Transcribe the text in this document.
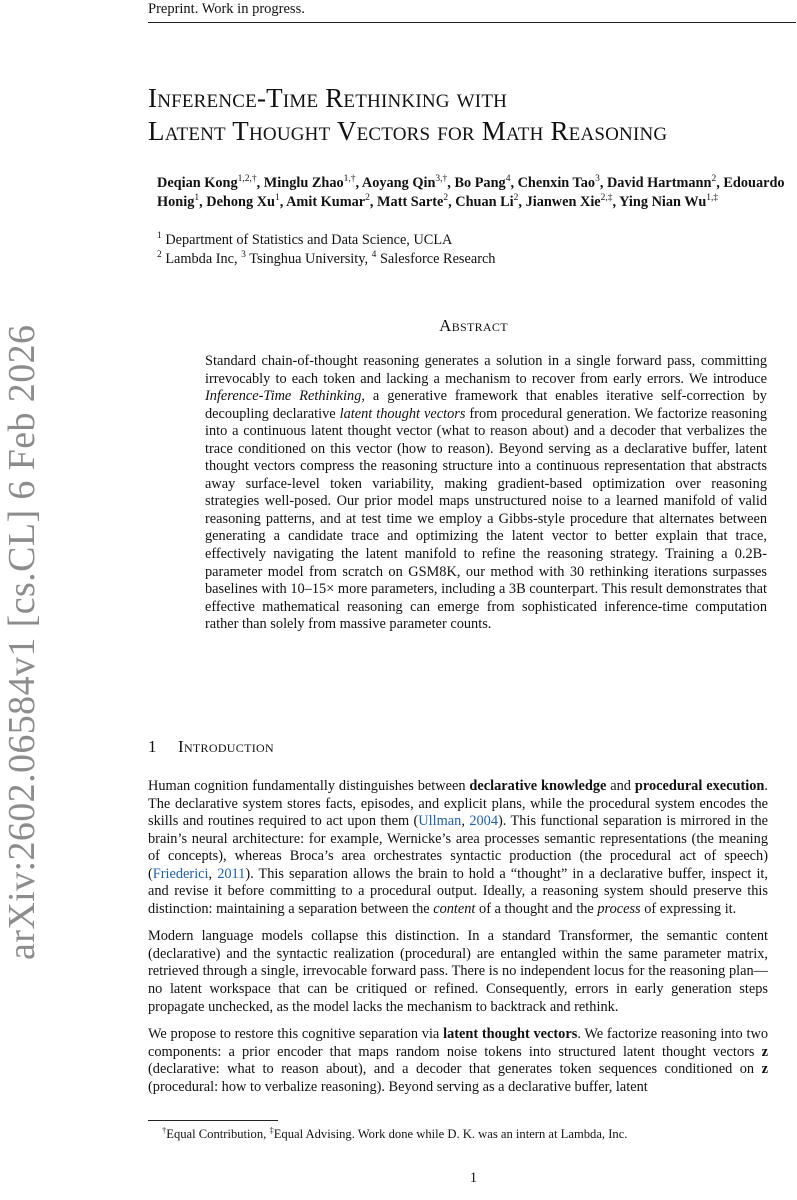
Preprint. Work in progress.
arXiv:2602.06584v1 [cs.CL] 6 Feb 2026
Inference-Time Rethinking with
Latent Thought Vectors for Math Reasoning
Deqian Kong$^{1,2,\dagger}$, Minglu Zhao$^{1,\dagger}$, Aoyang Qin$^{3,\dagger}$, Bo Pang$^4$, Chenxin Tao$^3$, David Hartmann$^2$, Edouardo Honig$^1$, Dehong Xu$^1$, Amit Kumar$^2$, Matt Sarte$^2$, Chuan Li$^2$, Jianwen Xie$^{2,\ddagger}$, Ying Nian $Wu^{1,\ddagger}$
$^1$ Department of Statistics and Data Science, UCLA
$^2$ Lambda Inc, $^3$ Tsinghua University, $^4$ Salesforce Research
Abstract

Standard chain-of-thought reasoning generates a solution in a single forward pass, committing irrevocably to each token and lacking a mechanism to recover from early errors. We introduce Inference-Time Rethinking, a generative framework that enables iterative self-correction by decoupling declarative latent thought vectors from procedural generation. We factorize reasoning into a continuous latent thought vector (what to reason about) and a decoder that verbalizes the trace conditioned on this vector (how to reason). Beyond serving as a declarative buffer, latent thought vectors compress the reasoning structure into a continuous representation that abstracts away surface-level token variability, making gradient-based optimization over reasoning strategies well-posed. Our prior model maps unstructured noise to a learned manifold of valid reasoning patterns, and at test time we employ a Gibbs-style procedure that alternates between generating a candidate trace and optimizing the latent vector to better explain that trace, effectively navigating the latent manifold to refine the reasoning strategy. Training a 0.2B-parameter model from scratch on GSM8K, our method with 30 rethinking iterations surpasses baselines with 10–15× more parameters, including a 3B counterpart. This result demonstrates that effective mathematical reasoning can emerge from sophisticated inference-time computation rather than solely from massive parameter counts.

1 Introduction

Human cognition fundamentally distinguishes between declarative knowledge and procedural execution. The declarative system stores facts, episodes, and explicit plans, while the procedural system encodes the skills and routines required to act upon them (Ullman, 2004). This functional separation is mirrored in the brain’s neural architecture: for example, Wernicke’s area processes semantic representations (the meaning of concepts), whereas Broca’s area orchestrates syntactic production (the procedural act of speech) (Friederici, 2011). This separation allows the brain to hold a “thought” in a declarative buffer, inspect it, and revise it before committing to a procedural output. Ideally, a reasoning system should preserve this distinction: maintaining a separation between the content of a thought and the process of expressing it.

Modern language models collapse this distinction. In a standard Transformer, the semantic content (declarative) and the syntactic realization (procedural) are entangled within the same parameter matrix, retrieved through a single, irrevocable forward pass. There is no independent locus for the reasoning plan—no latent workspace that can be critiqued or refined. Consequently, errors in early generation steps propagate unchecked, as the model lacks the mechanism to backtrack and rethink.

We propose to restore this cognitive separation via latent thought vectors. We factorize reasoning into two components: a prior encoder that maps random noise tokens into structured latent thought vectors z (declarative: what to reason about), and a decoder that generates token sequences conditioned on z (procedural: how to verbalize reasoning). Beyond serving as a declarative buffer, latent

†Equal Contribution, ‡Equal Advising. Work done while D. K. was an intern at Lambda, Inc.
1
